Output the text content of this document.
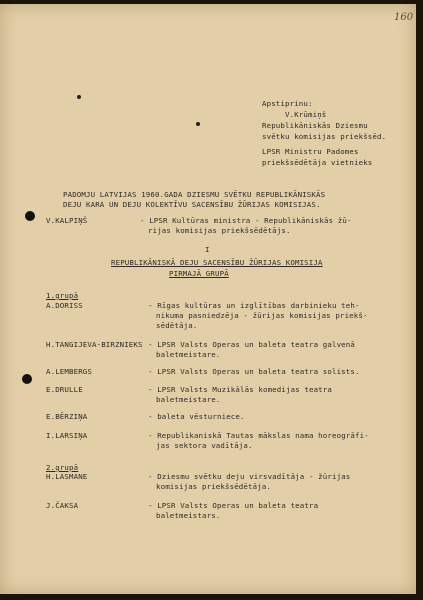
160
Apstiprinu:
V.Krūmiņš
Republikāniskās Dziesmu
svētku komisijas priekšsēd.
LPSR Ministru Padomes
priekšsēdētāja vietnieks
PADOMJU LATVIJAS 1960.GADA DZIESMU SVĒTKU REPUBLIKĀNISKĀS
DEJU KARA UN DEJU KOLEKTĪVU SACENSĪBU ŽŪRIJAS KOMISIJAS.
V.KALPIŅŠ	- LPSR Kultūras ministra - Republikāniskās žū-
rijas komisijas priekšsēdētājs.
I
REPUBLIKĀNISKĀ DEJU SACENSĪBU ŽŪRIJAS KOMISIJA
PIRMAJĀ GRUPĀ
1.grupā
A.DORISS	- Rīgas kultūras un izglītības darbinieku teh-
nikuma pasniedzēja - žūrijas komisijas priekš-
sēdētāja.
H.TANGIJEVA-BIRZNIEKS - LPSR Valsts Operas un baleta teatra galvenā
baletmeistare.
A.LEMBERGS	- LPSR Valsts Operas un baleta teatra solists.
E.DRULLE	- LPSR Valsts Muzikālās komedijas teatra
baletmeistare.
E.BĒRZIŅA	- baleta vēsturniece.
I.LARSIŅA	- Republikaniskā Tautas mākslas nama horeogrāfi-
jas sektora vadītāja.
2.grupā
H.LASMANE	- Dziesmu svētku deju virsvadītāja - žūrijas
komisijas priekšsēdētāja.
J.ČAKSA	- LPSR Valsts Operas un baleta teatra
baletmeistars.
